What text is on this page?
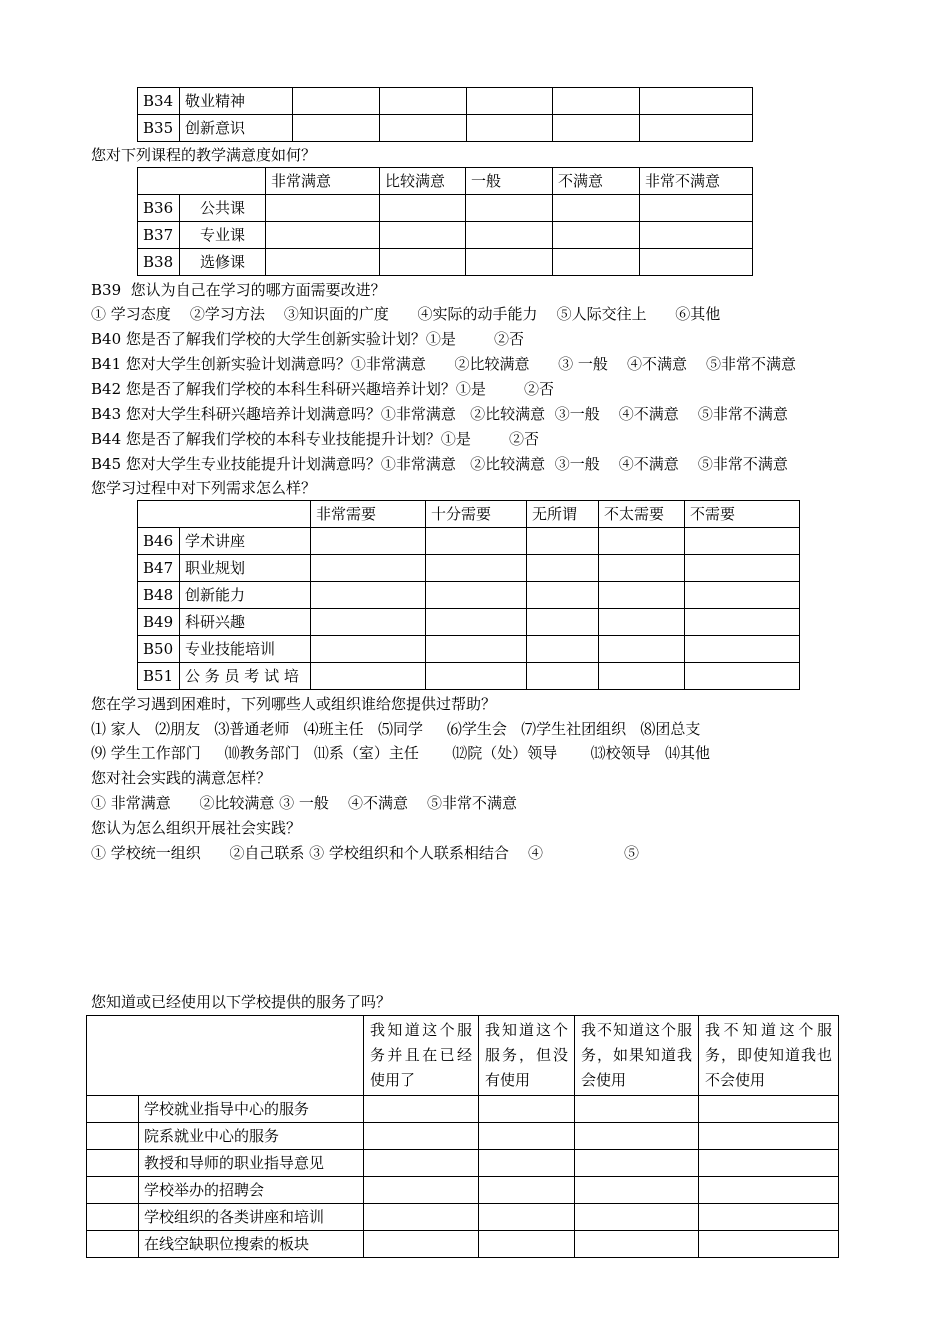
B34	敬业精神					
B35	创新意识					
您对下列课程的教学满意度如何？
		非常满意	比较满意	一般	不满意	非常不满意
B36	公共课					
B37	专业课					
B38	选修课					
B39  您认为自己在学习的哪方面需要改进？
① 学习态度    ②学习方法    ③知识面的广度      ④实际的动手能力    ⑤人际交往上      ⑥其他
B40 您是否了解我们学校的大学生创新实验计划？①是        ②否
B41 您对大学生创新实验计划满意吗？①非常满意      ②比较满意      ③ 一般    ④不满意    ⑤非常不满意
B42 您是否了解我们学校的本科生科研兴趣培养计划？①是        ②否
B43 您对大学生科研兴趣培养计划满意吗？①非常满意   ②比较满意  ③一般    ④不满意    ⑤非常不满意
B44 您是否了解我们学校的本科专业技能提升计划？①是        ②否
B45 您对大学生专业技能提升计划满意吗？①非常满意   ②比较满意  ③一般    ④不满意    ⑤非常不满意
您学习过程中对下列需求怎么样？
		非常需要	十分需要	无所谓	不太需要	不需要
B46	学术讲座					
B47	职业规划					
B48	创新能力					
B49	科研兴趣					
B50	专业技能培训					
B51	公 务 员 考 试 培					
您在学习遇到困难时，下列哪些人或组织谁给您提供过帮助？
⑴ 家人   ⑵朋友   ⑶普通老师   ⑷班主任   ⑸同学     ⑹学生会   ⑺学生社团组织   ⑻团总支
⑼ 学生工作部门     ⑽教务部门   ⑾系（室）主任       ⑿院（处）领导       ⒀校领导   ⒁其他
您对社会实践的满意怎样？
① 非常满意      ②比较满意 ③ 一般    ④不满意    ⑤非常不满意
您认为怎么组织开展社会实践？
① 学校统一组织      ②自己联系 ③ 学校组织和个人联系相结合    ④                 ⑤
您知道或已经使用以下学校提供的服务了吗？
		我知道这个服务并且在已经使用了	我知道这个服务，但没有使用	我不知道这个服务，如果知道我会使用	我不知道这个服务，即使知道我也不会使用
	学校就业指导中心的服务				
	院系就业中心的服务				
	教授和导师的职业指导意见				
	学校举办的招聘会				
	学校组织的各类讲座和培训				
	在线空缺职位搜索的板块				
